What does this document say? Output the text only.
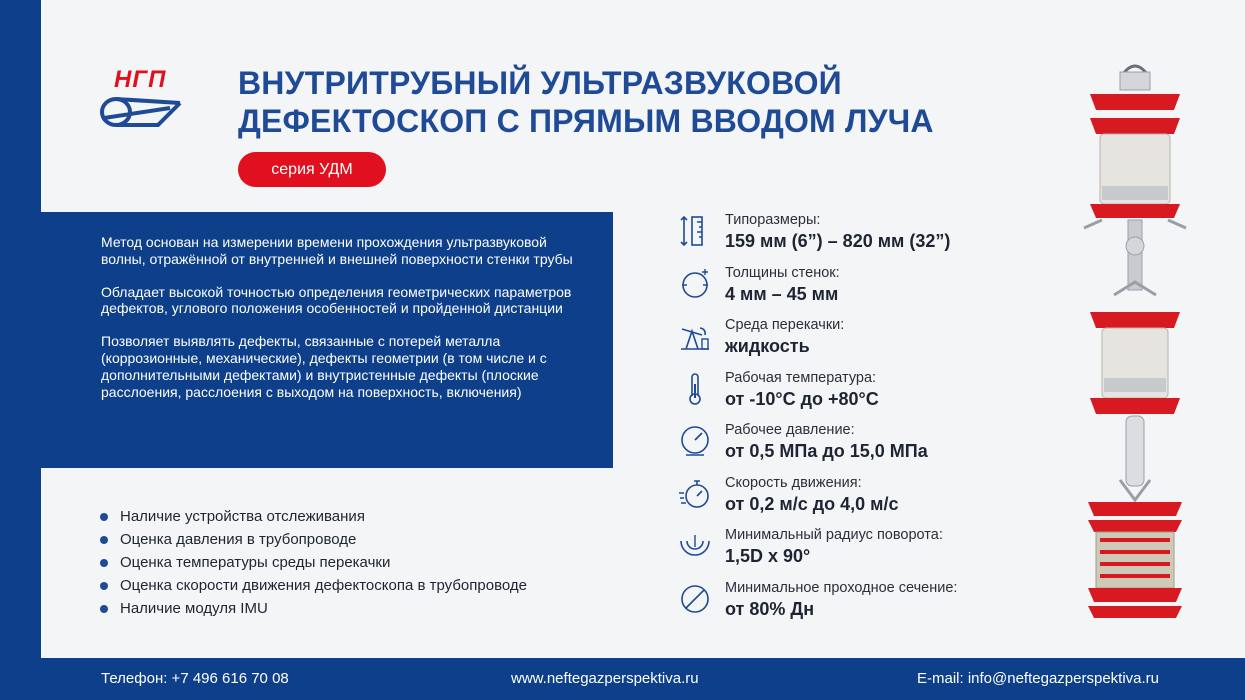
НГП ВНУТРИТРУБНЫЙ УЛЬТРАЗВУКОВОЙ ДЕФЕКТОСКОП С ПРЯМЫМ ВВОДОМ ЛУЧА
серия УДМ

Метод основан на измерении времени прохождения ультразвуковой волны, отражённой от внутренней и внешней поверхности стенки трубы

Обладает высокой точностью определения геометрических параметров дефектов, углового положения особенностей и пройденной дистанции

Позволяет выявлять дефекты, связанные с потерей металла (коррозионные, механические), дефекты геометрии (в том числе и с дополнительными дефектами) и внутристенные дефекты (плоские расслоения, расслоения с выходом на поверхность, включения)

Наличие устройства отслеживания
Оценка давления в трубопроводе
Оценка температуры среды перекачки
Оценка скорости движения дефектоскопа в трубопроводе
Наличие модуля IMU
Типоразмеры:
159 мм (6”) – 820 мм (32”)
Толщины стенок:
4 мм – 45 мм
Среда перекачки:
жидкость
Рабочая температура:
от -10°С до +80°С
Рабочее давление:
от 0,5 МПа до 15,0 МПа
Скорость движения:
от 0,2 м/с до 4,0 м/с
Минимальный радиус поворота:
1,5D х 90°
Минимальное проходное сечение:
от 80% Дн
Телефон: +7 496 616 70 08	www.neftegazperspektiva.ru	E-mail: info@neftegazperspektiva.ru
